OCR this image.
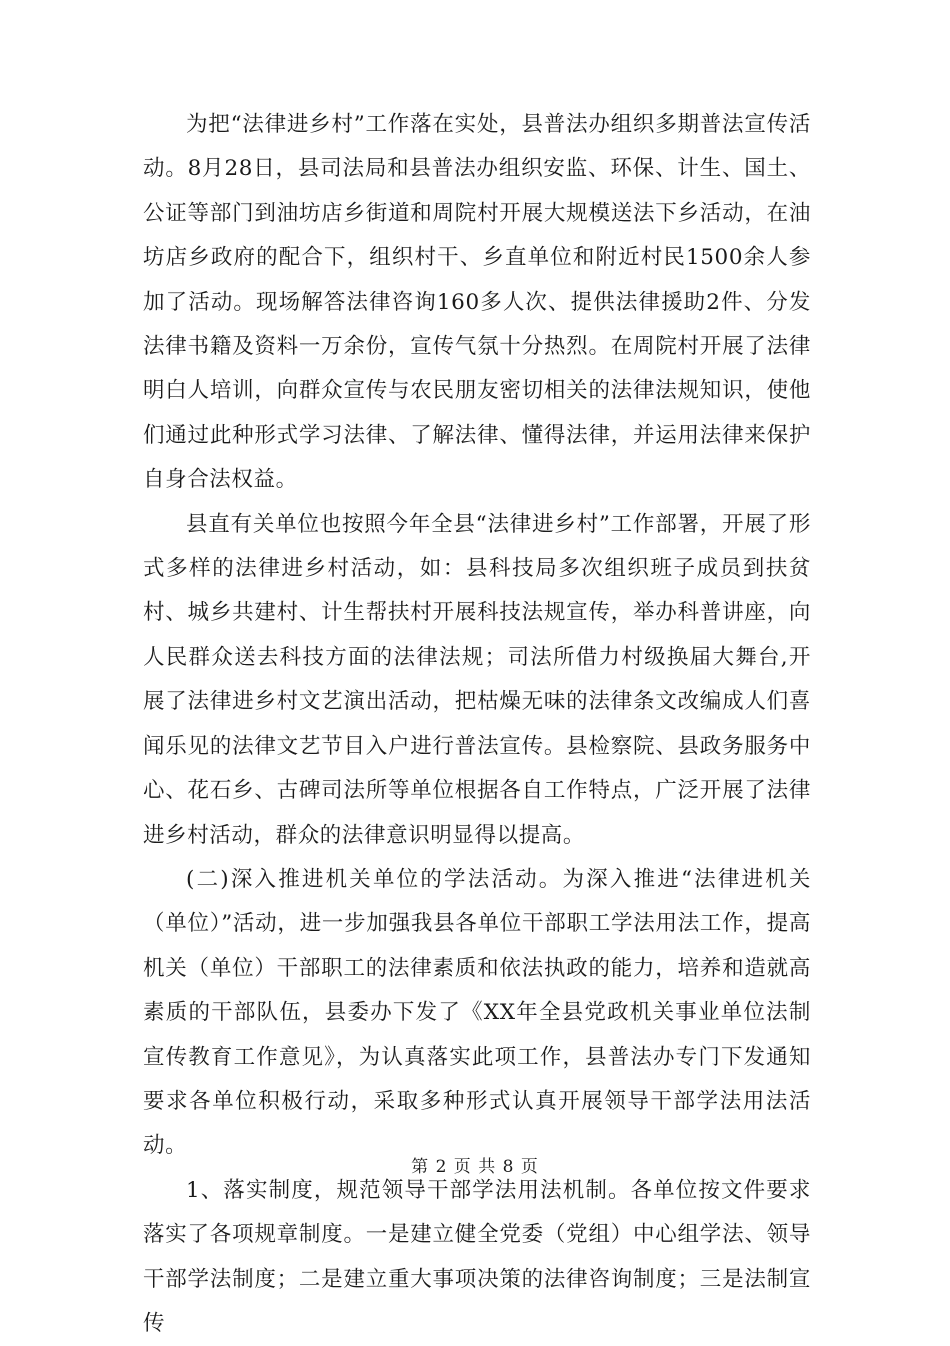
为把“法律进乡村”工作落在实处，县普法办组织多期普法宣传活动。8月28日，县司法局和县普法办组织安监、环保、计生、国土、公证等部门到油坊店乡街道和周院村开展大规模送法下乡活动，在油坊店乡政府的配合下，组织村干、乡直单位和附近村民1500余人参加了活动。现场解答法律咨询160多人次、提供法律援助2件、分发法律书籍及资料一万余份，宣传气氛十分热烈。在周院村开展了法律明白人培训，向群众宣传与农民朋友密切相关的法律法规知识，使他们通过此种形式学习法律、了解法律、懂得法律，并运用法律来保护自身合法权益。

县直有关单位也按照今年全县“法律进乡村”工作部署，开展了形式多样的法律进乡村活动，如：县科技局多次组织班子成员到扶贫村、城乡共建村、计生帮扶村开展科技法规宣传，举办科普讲座，向人民群众送去科技方面的法律法规；司法所借力村级换届大舞台,开展了法律进乡村文艺演出活动，把枯燥无味的法律条文改编成人们喜闻乐见的法律文艺节目入户进行普法宣传。县检察院、县政务服务中心、花石乡、古碑司法所等单位根据各自工作特点，广泛开展了法律进乡村活动，群众的法律意识明显得以提高。

(二)深入推进机关单位的学法活动。为深入推进“法律进机关（单位）”活动，进一步加强我县各单位干部职工学法用法工作，提高机关（单位）干部职工的法律素质和依法执政的能力，培养和造就高素质的干部队伍，县委办下发了《XX年全县党政机关事业单位法制宣传教育工作意见》，为认真落实此项工作，县普法办专门下发通知要求各单位积极行动，采取多种形式认真开展领导干部学法用法活动。

1、落实制度，规范领导干部学法用法机制。各单位按文件要求落实了各项规章制度。一是建立健全党委（党组）中心组学法、领导干部学法制度；二是建立重大事项决策的法律咨询制度；三是法制宣传

第 2 页 共 8 页
